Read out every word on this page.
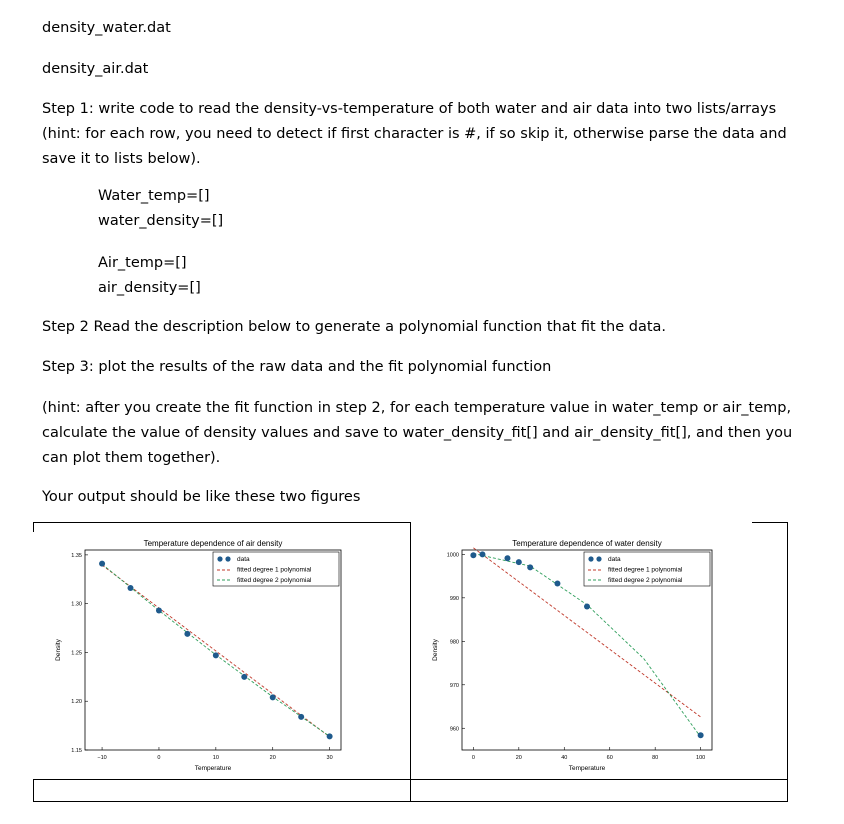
density_water.dat
density_air.dat
Step 1: write code to read the density-vs-temperature of both water and air data into two lists/arrays
(hint: for each row, you need to detect if first character is #, if so skip it, otherwise parse the data and
save it to lists below).
Water_temp=[]
water_density=[]
Air_temp=[]
air_density=[]
Step 2 Read the description below to generate a polynomial function that fit the data.
Step 3: plot the results of the raw data and the fit polynomial function
(hint: after you create the fit function in step 2, for each temperature value in water_temp or air_temp,
calculate the value of density values and save to water_density_fit[] and air_density_fit[], and then you
can plot them together).
Your output should be like these two figures
Temperature dependence of air density
Temperature
Density
−10	0	10	20	30
1.15
1.20
1.25
1.30
1.35
data
fitted degree 1 polynomial
fitted degree 2 polynomial
Temperature dependence of water density
Temperature
Density
0	20	40	60	80	100
960
970
980
990
1000
data
fitted degree 1 polynomial
fitted degree 2 polynomial
